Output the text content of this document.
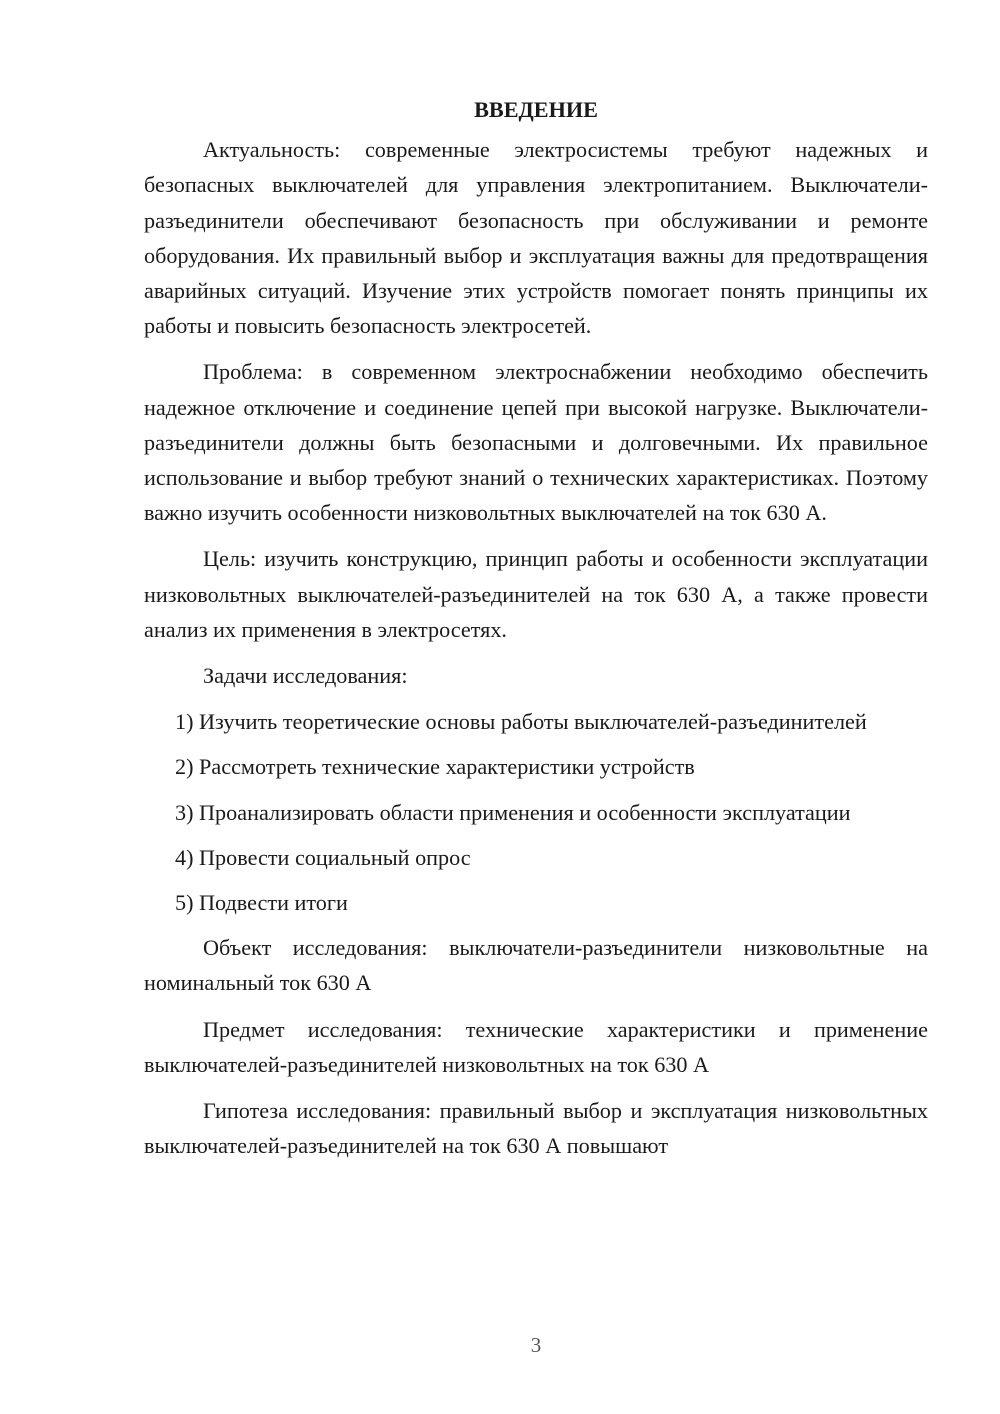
ВВЕДЕНИЕ

Актуальность: современные электросистемы требуют надежных и безопасных выключателей для управления электропитанием. Выключатели-разъединители обеспечивают безопасность при обслуживании и ремонте оборудования. Их правильный выбор и эксплуатация важны для предотвращения аварийных ситуаций. Изучение этих устройств помогает понять принципы их работы и повысить безопасность электросетей.

Проблема: в современном электроснабжении необходимо обеспечить надежное отключение и соединение цепей при высокой нагрузке. Выключатели-разъединители должны быть безопасными и долговечными. Их правильное использование и выбор требуют знаний о технических характеристиках. Поэтому важно изучить особенности низковольтных выключателей на ток 630 А.

Цель: изучить конструкцию, принцип работы и особенности эксплуатации низковольтных выключателей-разъединителей на ток 630 А, а также провести анализ их применения в электросетях.

Задачи исследования:

1) Изучить теоретические основы работы выключателей-разъединителей

2) Рассмотреть технические характеристики устройств

3) Проанализировать области применения и особенности эксплуатации

4) Провести социальный опрос

5) Подвести итоги

Объект исследования: выключатели-разъединители низковольтные на номинальный ток 630 А

Предмет исследования: технические характеристики и применение выключателей-разъединителей низковольтных на ток 630 А

Гипотеза исследования: правильный выбор и эксплуатация низковольтных выключателей-разъединителей на ток 630 А повышают

3
